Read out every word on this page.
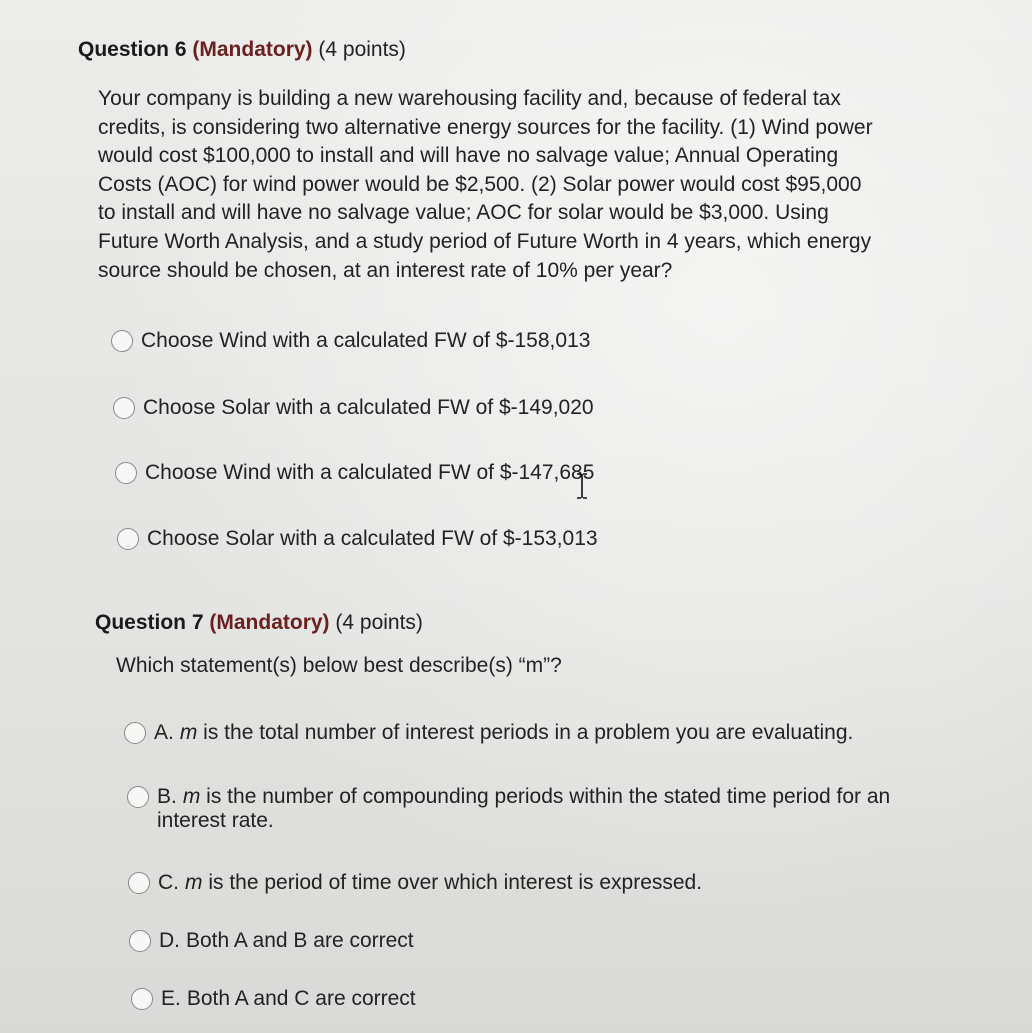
Question 6 (Mandatory) (4 points)
Your company is building a new warehousing facility and, because of federal tax
credits, is considering two alternative energy sources for the facility. (1) Wind power
would cost $100,000 to install and will have no salvage value; Annual Operating
Costs (AOC) for wind power would be $2,500. (2) Solar power would cost $95,000
to install and will have no salvage value; AOC for solar would be $3,000. Using
Future Worth Analysis, and a study period of Future Worth in 4 years, which energy
source should be chosen, at an interest rate of 10% per year?
Choose Wind with a calculated FW of $-158,013
Choose Solar with a calculated FW of $-149,020
Choose Wind with a calculated FW of $-147,685
Choose Solar with a calculated FW of $-153,013
Question 7 (Mandatory) (4 points)
Which statement(s) below best describe(s) “m”?
A. m is the total number of interest periods in a problem you are evaluating.
B. m is the number of compounding periods within the stated time period for an
interest rate.
C. m is the period of time over which interest is expressed.
D. Both A and B are correct
E. Both A and C are correct
